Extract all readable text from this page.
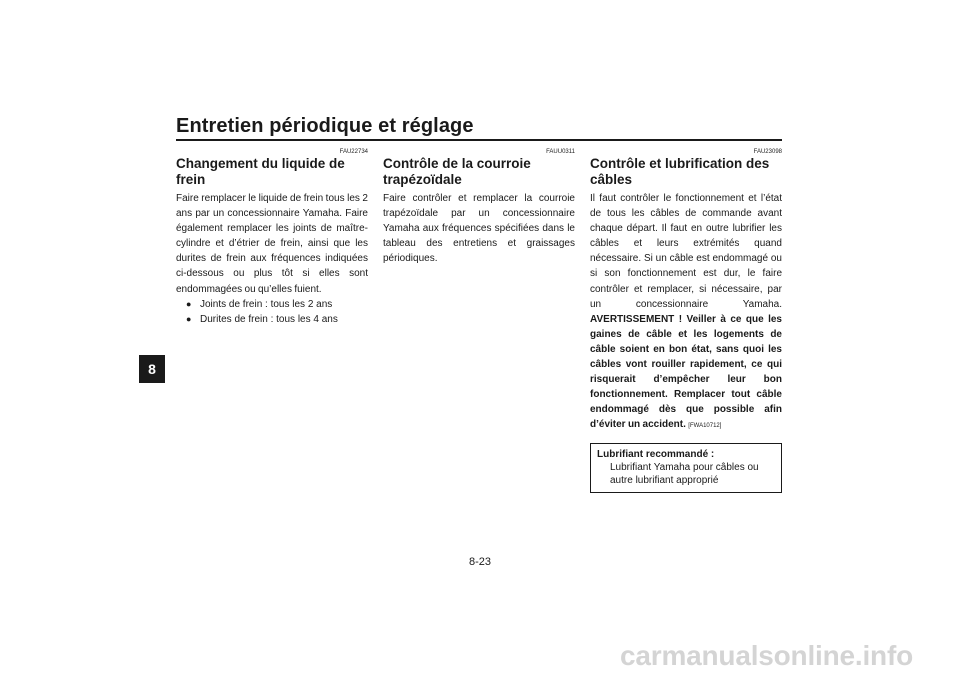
Entretien périodique et réglage
8
FAU22734
Changement du liquide de frein

Faire remplacer le liquide de frein tous les 2 ans par un concessionnaire Yamaha. Faire également remplacer les joints de maître-cylindre et d’étrier de frein, ainsi que les durites de frein aux fréquences indiquées ci-dessous ou plus tôt si elles sont endommagées ou qu’elles fuient.

● Joints de frein : tous les 2 ans
● Durites de frein : tous les 4 ans
FAUU0311
Contrôle de la courroie trapézoïdale

Faire contrôler et remplacer la courroie trapézoïdale par un concessionnaire Yamaha aux fréquences spécifiées dans le tableau des entretiens et graissages périodiques.

FAU23098
Contrôle et lubrification des câbles

Il faut contrôler le fonctionnement et l’état de tous les câbles de commande avant chaque départ. Il faut en outre lubrifier les câbles et leurs extrémités quand nécessaire. Si un câble est endommagé ou si son fonctionnement est dur, le faire contrôler et remplacer, si nécessaire, par un concessionnaire Yamaha. AVERTISSEMENT ! Veiller à ce que les gaines de câble et les logements de câble soient en bon état, sans quoi les câbles vont rouiller rapidement, ce qui risquerait d’empêcher leur bon fonctionnement. Remplacer tout câble endommagé dès que possible afin d’éviter un accident. [FWA10712]

Lubrifiant recommandé :
Lubrifiant Yamaha pour câbles ou autre lubrifiant approprié
8-23
carmanualsonline.info
